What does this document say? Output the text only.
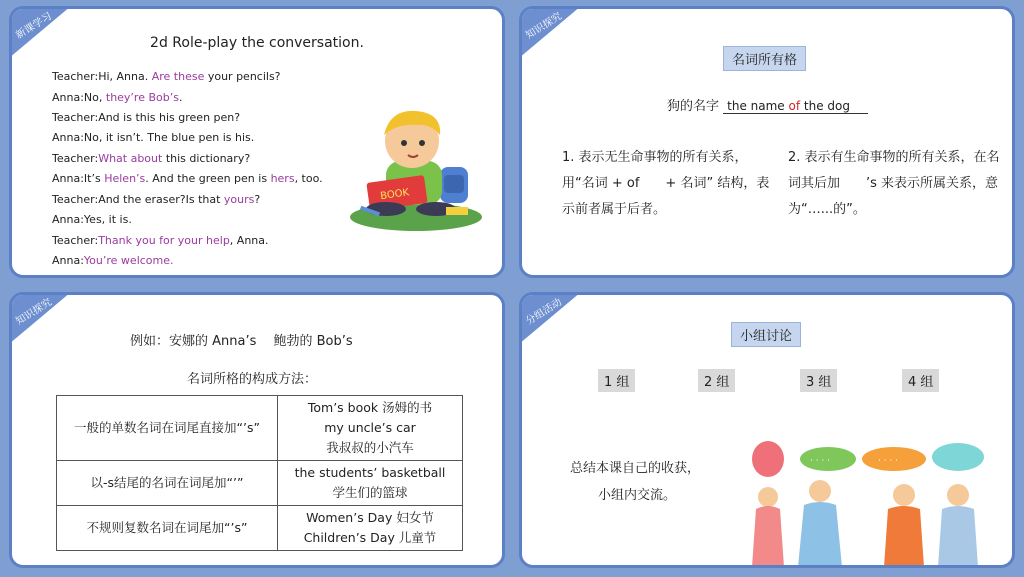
新课学习
2d Role-play the conversation.
Teacher:Hi, Anna. Are these your pencils?
Anna:No, they’re Bob’s.
Teacher:And is this his green pen?
Anna:No, it isn’t. The blue pen is his.
Teacher:What about this dictionary?
Anna:It’s Helen’s. And the green pen is hers, too.
Teacher:And the eraser?Is that yours?
Anna:Yes, it is.
Teacher:Thank you for your help, Anna.
Anna:You’re welcome.
BOOK
知识探究
名词所有格
狗的名字 the name of the dog
1. 表示无生命事物的所有关系，用“名词 + of　　+ 名词” 结构，表示前者属于后者。
2. 表示有生命事物的所有关系，在名词其后加　　’s 来表示所属关系，意为“…...的”。
知识探究
例如：安娜的 Anna’s　 鲍勃的 Bob’s
名词所格的构成方法：
一般的单数名词在词尾直接加“’s”	Tom’s book 汤姆的书
my uncle’s car
我叔叔的小汽车

以-s结尾的名词在词尾加“’”	the students’ basketball
学生们的篮球

不规则复数名词在词尾加“’s”	Women’s Day 妇女节
Children’s Day 儿童节
分组活动
小组讨论
1 组	2 组	3 组	4 组
总结本课自己的收获，
小组内交流。
· · · ·	· · · ·
